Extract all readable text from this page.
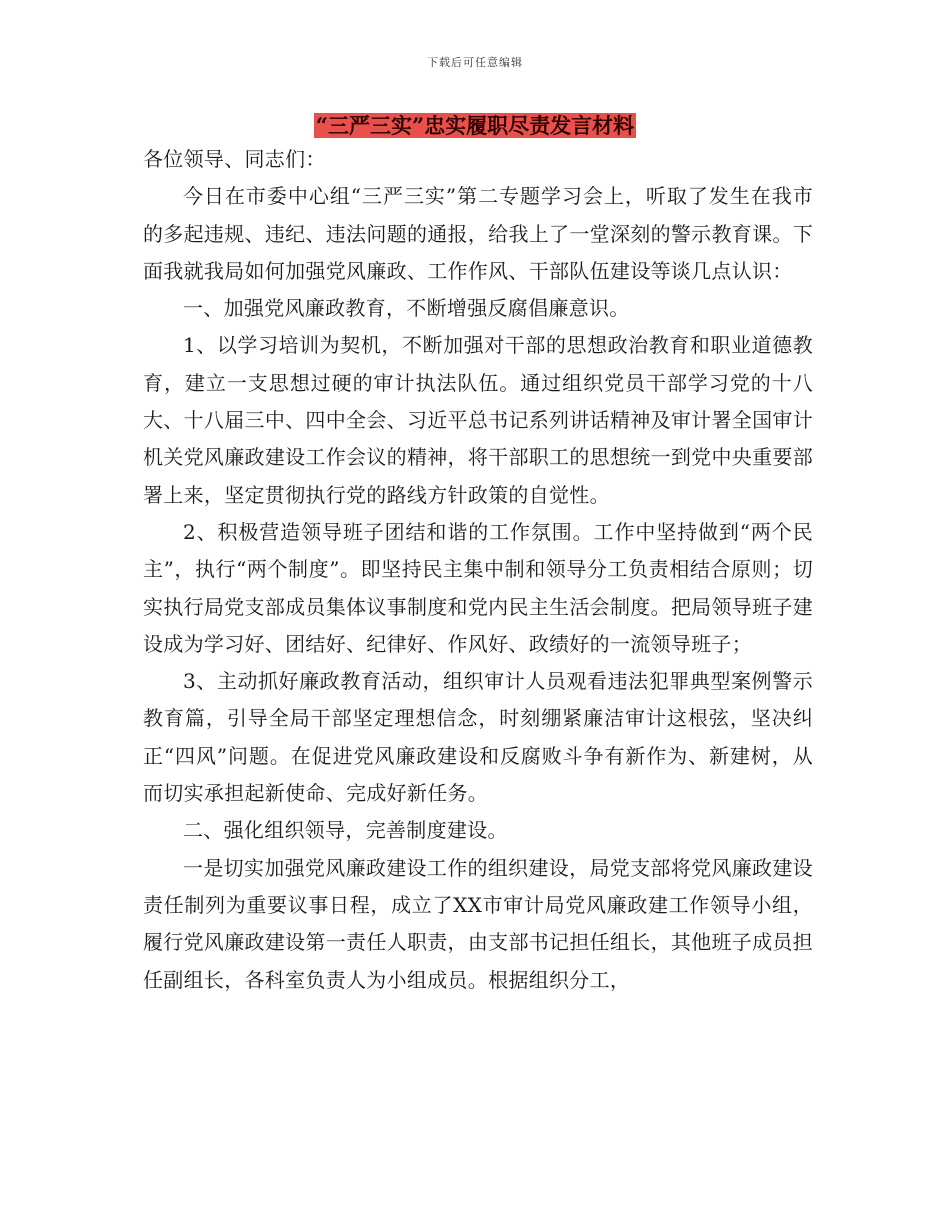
下载后可任意编辑
“三严三实”忠实履职尽责发言材料

各位领导、同志们：

今日在市委中心组“三严三实”第二专题学习会上，听取了发生在我市的多起违规、违纪、违法问题的通报，给我上了一堂深刻的警示教育课。下面我就我局如何加强党风廉政、工作作风、干部队伍建设等谈几点认识：

一、加强党风廉政教育，不断增强反腐倡廉意识。

1、以学习培训为契机，不断加强对干部的思想政治教育和职业道德教育，建立一支思想过硬的审计执法队伍。通过组织党员干部学习党的十八大、十八届三中、四中全会、习近平总书记系列讲话精神及审计署全国审计机关党风廉政建设工作会议的精神，将干部职工的思想统一到党中央重要部署上来，坚定贯彻执行党的路线方针政策的自觉性。

2、积极营造领导班子团结和谐的工作氛围。工作中坚持做到“两个民主”，执行“两个制度”。即坚持民主集中制和领导分工负责相结合原则；切实执行局党支部成员集体议事制度和党内民主生活会制度。把局领导班子建设成为学习好、团结好、纪律好、作风好、政绩好的一流领导班子；

3、主动抓好廉政教育活动，组织审计人员观看违法犯罪典型案例警示教育篇，引导全局干部坚定理想信念，时刻绷紧廉洁审计这根弦，坚决纠正“四风”问题。在促进党风廉政建设和反腐败斗争有新作为、新建树，从而切实承担起新使命、完成好新任务。

二、强化组织领导，完善制度建设。

一是切实加强党风廉政建设工作的组织建设，局党支部将党风廉政建设责任制列为重要议事日程，成立了XX市审计局党风廉政建工作领导小组，履行党风廉政建设第一责任人职责，由支部书记担任组长，其他班子成员担任副组长，各科室负责人为小组成员。根据组织分工，
